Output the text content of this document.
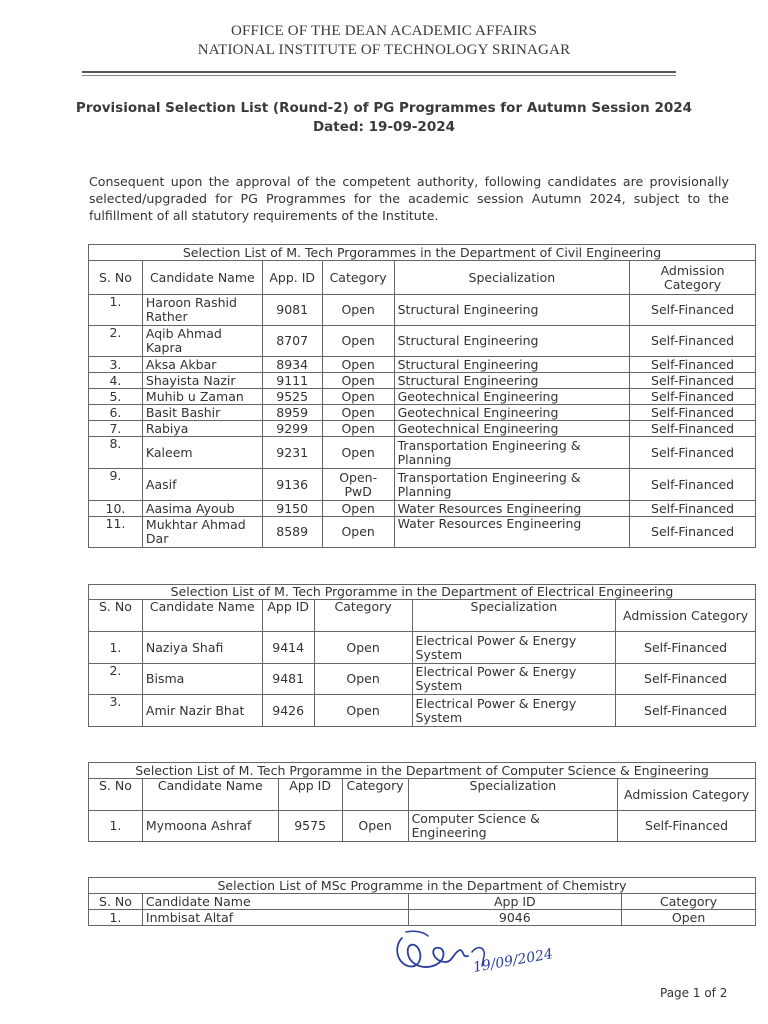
OFFICE OF THE DEAN ACADEMIC AFFAIRS
NATIONAL INSTITUTE OF TECHNOLOGY SRINAGAR
Provisional Selection List (Round-2) of PG Programmes for Autumn Session 2024
Dated: 19-09-2024

Consequent upon the approval of the competent authority, following candidates are provisionally selected/upgraded for PG Programmes for the academic session Autumn 2024, subject to the fulfillment of all statutory requirements of the Institute.

Selection List of M. Tech Prgorammes in the Department of Civil Engineering					
S. No	Candidate Name	App. ID	Category	Specialization	Admission Category
1.	Haroon Rashid Rather	9081	Open	Structural Engineering	Self-Financed
2.	Aqib Ahmad Kapra	8707	Open	Structural Engineering	Self-Financed
3.	Aksa Akbar	8934	Open	Structural Engineering	Self-Financed
4.	Shayista Nazir	9111	Open	Structural Engineering	Self-Financed
5.	Muhib u Zaman	9525	Open	Geotechnical Engineering	Self-Financed
6.	Basit Bashir	8959	Open	Geotechnical Engineering	Self-Financed
7.	Rabiya	9299	Open	Geotechnical Engineering	Self-Financed
8.	Kaleem	9231	Open	Transportation Engineering & Planning	Self-Financed
9.	Aasif	9136	Open-PwD	Transportation Engineering & Planning	Self-Financed
10.	Aasima Ayoub	9150	Open	Water Resources Engineering	Self-Financed
11.	Mukhtar Ahmad Dar	8589	Open	Water Resources Engineering	Self-Financed
Selection List of M. Tech Prgoramme in the Department of Electrical Engineering					
S. No	Candidate Name	App ID	Category	Specialization	Admission Category
1.	Naziya Shafi	9414	Open	Electrical Power & Energy System	Self-Financed
2.	Bisma	9481	Open	Electrical Power & Energy System	Self-Financed
3.	Amir Nazir Bhat	9426	Open	Electrical Power & Energy System	Self-Financed
Selection List of M. Tech Prgoramme in the Department of Computer Science & Engineering					
S. No	Candidate Name	App ID	Category	Specialization	Admission Category
1.	Mymoona Ashraf	9575	Open	Computer Science & Engineering	Self-Financed
Selection List of MSc Programme in the Department of Chemistry			
S. No	Candidate Name	App ID	Category
1.	Inmbisat Altaf	9046	Open
19/09/2024
Page 1 of 2
